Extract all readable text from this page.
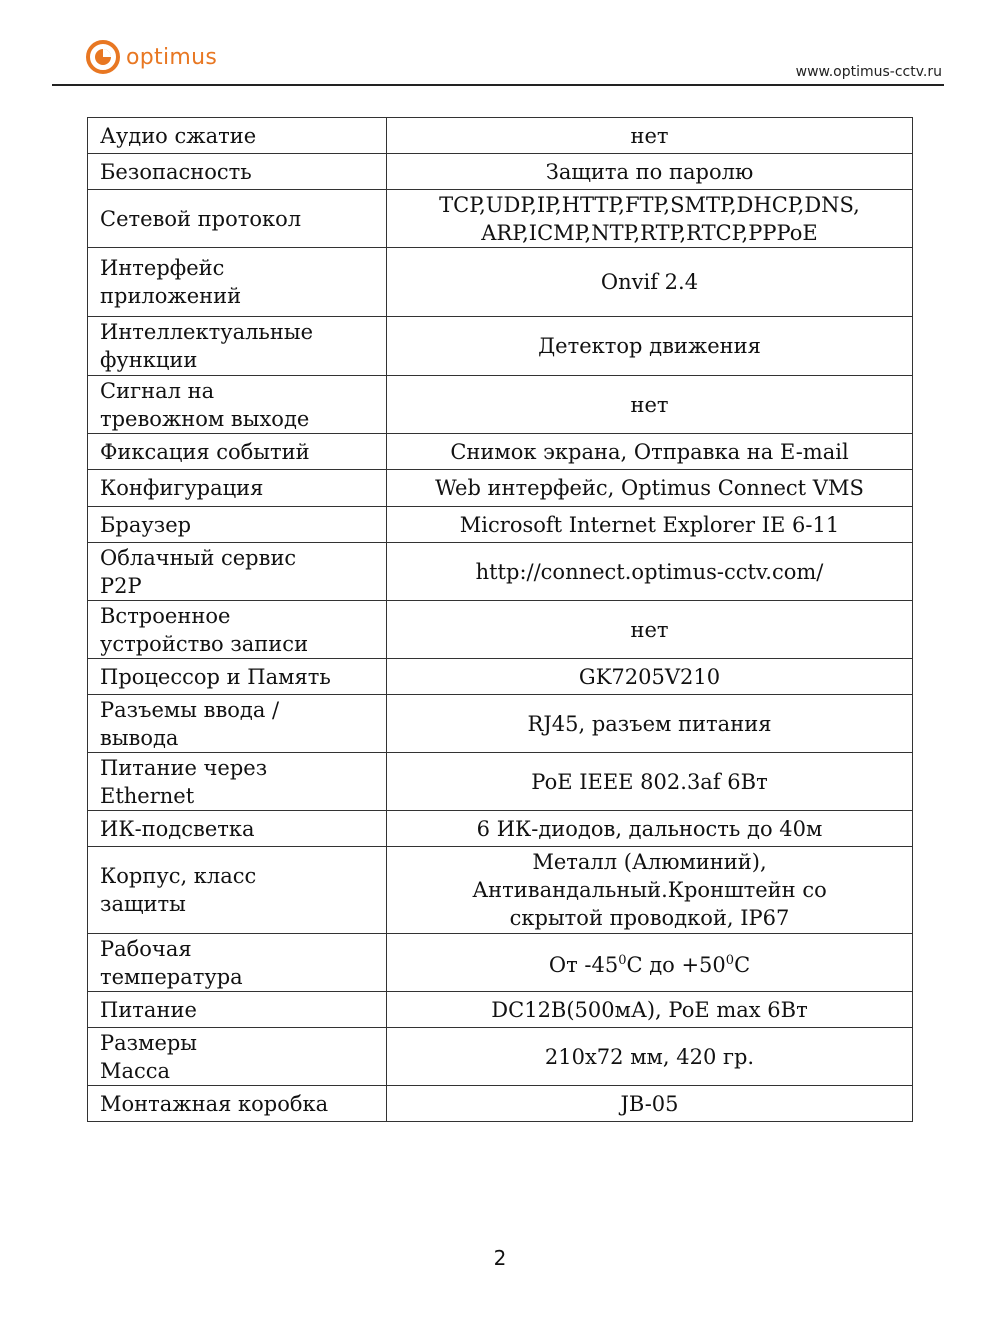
optimus
www.optimus-cctv.ru
Аудио сжатие	нет

Безопасность	Защита по паролю

Сетевой протокол	TCP,UDP,IP,HTTP,FTP,SMTP,DHCP,DNS,
ARP,ICMP,NTP,RTP,RTCP,PPPoE

Интерфейс
приложений	Onvif 2.4

Интеллектуальные
функции	Детектор движения

Сигнал на
тревожном выходе	нет

Фиксация событий	Снимок экрана, Отправка на E-mail

Конфигурация	Web интерфейс, Optimus Connect VMS

Браузер	Microsoft Internet Explorer IE 6-11

Облачный сервис
P2P	http://connect.optimus-cctv.com/

Встроенное
устройство записи	нет

Процессор и Память	GK7205V210

Разъемы ввода /
вывода	RJ45, разъем питания

Питание через
Ethernet	PoE IEEE 802.3af 6Вт

ИК-подсветка	6 ИК-диодов, дальность до 40м

Корпус, класс
защиты	Металл (Алюминий),
Антивандальный.Кронштейн со
скрытой проводкой, IP67

Рабочая
температура	От $-45^0С$ до $+50^0С$

Питание	DC12В(500мА), PoE max 6Вт

Размеры
Масса	210x72 мм, 420 гр.

Монтажная коробка	JB-05
2
